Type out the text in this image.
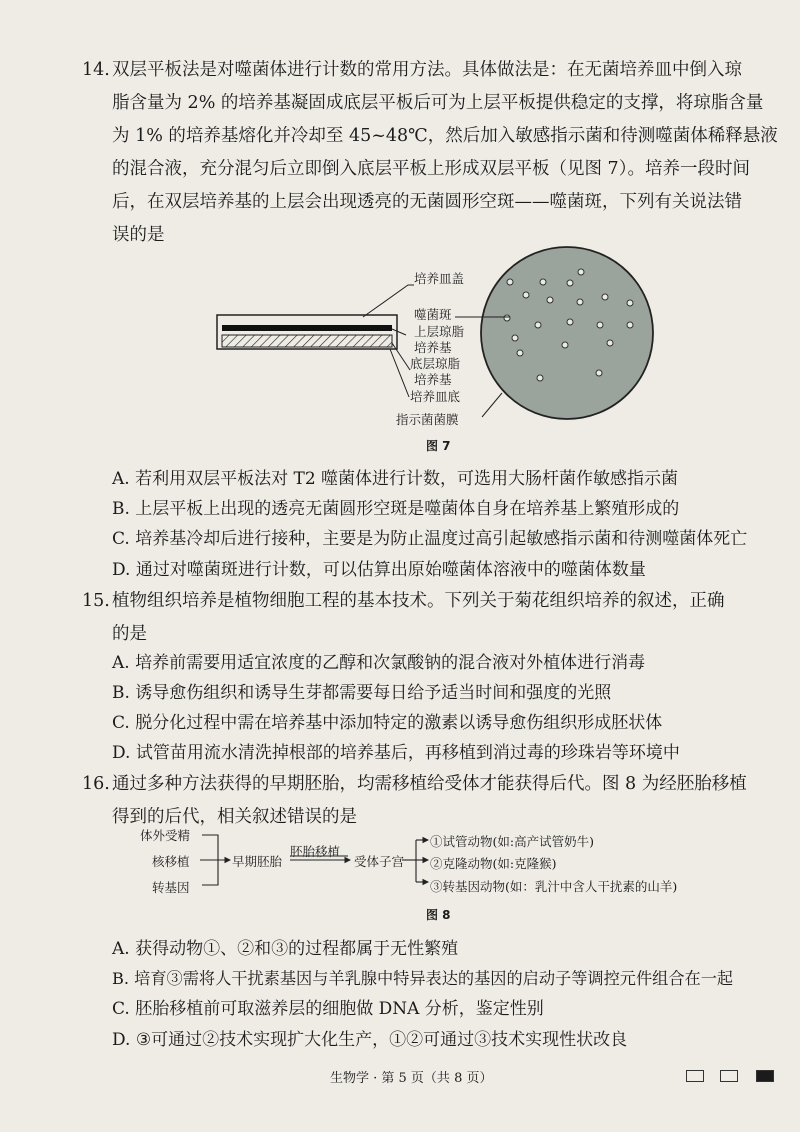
14. 双层平板法是对噬菌体进行计数的常用方法。具体做法是：在无菌培养皿中倒入琼
脂含量为 2% 的培养基凝固成底层平板后可为上层平板提供稳定的支撑，将琼脂含量
为 1% 的培养基熔化并冷却至 45~48℃，然后加入敏感指示菌和待测噬菌体稀释悬液
的混合液，充分混匀后立即倒入底层平板上形成双层平板（见图 7）。培养一段时间
后，在双层培养基的上层会出现透亮的无菌圆形空斑——噬菌斑，下列有关说法错
误的是
培养皿盖
噬菌斑
上层琼脂
培养基
底层琼脂
培养基
培养皿底
指示菌菌膜
图 7
A. 若利用双层平板法对 T2 噬菌体进行计数，可选用大肠杆菌作敏感指示菌
B. 上层平板上出现的透亮无菌圆形空斑是噬菌体自身在培养基上繁殖形成的
C. 培养基冷却后进行接种，主要是为防止温度过高引起敏感指示菌和待测噬菌体死亡
D. 通过对噬菌斑进行计数，可以估算出原始噬菌体溶液中的噬菌体数量
15. 植物组织培养是植物细胞工程的基本技术。下列关于菊花组织培养的叙述，正确
的是
A. 培养前需要用适宜浓度的乙醇和次氯酸钠的混合液对外植体进行消毒
B. 诱导愈伤组织和诱导生芽都需要每日给予适当时间和强度的光照
C. 脱分化过程中需在培养基中添加特定的激素以诱导愈伤组织形成胚状体
D. 试管苗用流水清洗掉根部的培养基后，再移植到消过毒的珍珠岩等环境中
16. 通过多种方法获得的早期胚胎，均需移植给受体才能获得后代。图 8 为经胚胎移植
得到的后代，相关叙述错误的是
体外受精
核移植
转基因
早期胚胎
胚胎移植
受体子宫
①试管动物(如:高产试管奶牛)
②克隆动物(如:克隆猴)
③转基因动物(如：乳汁中含人干扰素的山羊)
图 8
A. 获得动物①、②和③的过程都属于无性繁殖
B. 培育③需将人干扰素基因与羊乳腺中特异表达的基因的启动子等调控元件组合在一起
C. 胚胎移植前可取滋养层的细胞做 DNA 分析，鉴定性别
D. ③可通过②技术实现扩大化生产，①②可通过③技术实现性状改良
生物学 · 第 5 页（共 8 页）
